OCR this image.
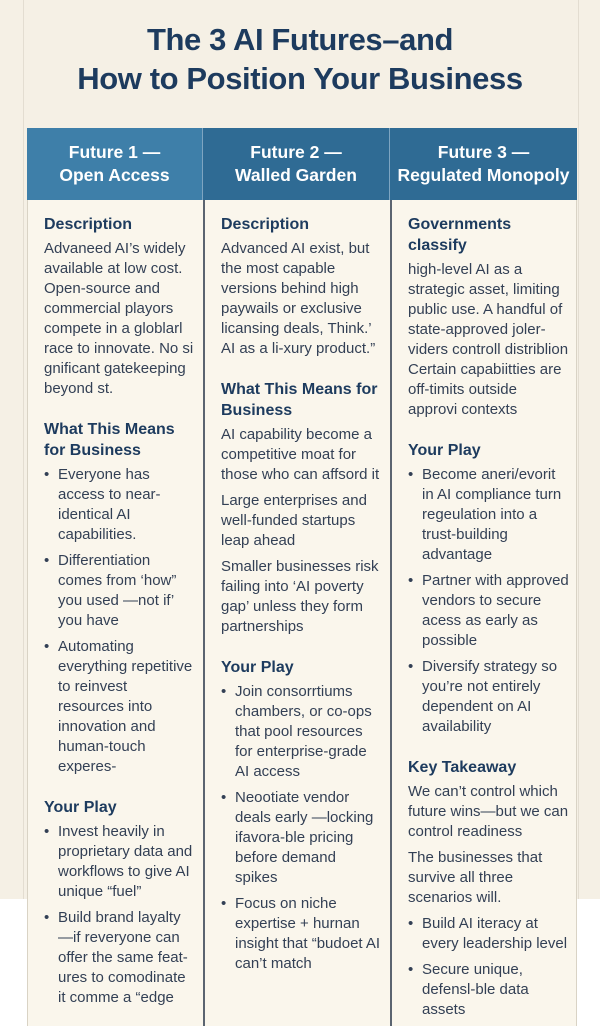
The 3 AI Futures–and
How to Position Your Business
Future 1 —
Open Access
Future 2 —
Walled Garden
Future 3 —
Regulated Monopoly
Description
Advaneed AI’s widely available at low cost. Open-source and commercial playors compete in a globlarl race to innovate. No si gnificant gatekeeping beyond st.
What This Means for Business
• Everyone has access to near-identical AI capabilities.
• Differentiation comes from ‘how” you used —not if’ you have
• Automating everything repetitive to reinvest resources into innovation and human-touch experes-
Your Play
• Invest heavily in proprietary data and workflows to give AI unique “fuel”
• Build brand layalty —if reveryone can offer the same feat-ures to comodinate it comme a “edge
Description
Advanced AI exist, but the most capable versions behind high paywails or exclusive licansing deals, Think.’ AI as a li-xury product.”
What This Means for Business
AI capability become a competitive moat for those who can affsord it
Large enterprises and well-funded startups leap ahead
Smaller businesses risk failing into ‘AI poverty gap’ unless they form partnerships
Your Play
• Join consorrtiums chambers, or co-ops that pool resources for enterprise-grade AI access
• Neootiate vendor deals early —locking ifavora-ble pricing before demand spikes
• Focus on niche expertise + hurnan insight that “budoet AI can’t match
Governments classify
high-level AI as a strategic asset, limiting public use. A handful of state-approved joler-viders controll distriblion Certain capabiitties are off-timits outside approvi contexts
Your Play
• Become aneri/evorit in AI compliance turn regeulation into a trust-building advantage
• Partner with approved vendors to secure acess as early as possible
• Diversify strategy so you’re not entirely dependent on AI availability
Key Takeaway
We can’t control which future wins—but we can control readiness
The businesses that survive all three scenarios will.
• Build AI iteracy at every leadership level
• Secure unique, defensl-ble data assets
